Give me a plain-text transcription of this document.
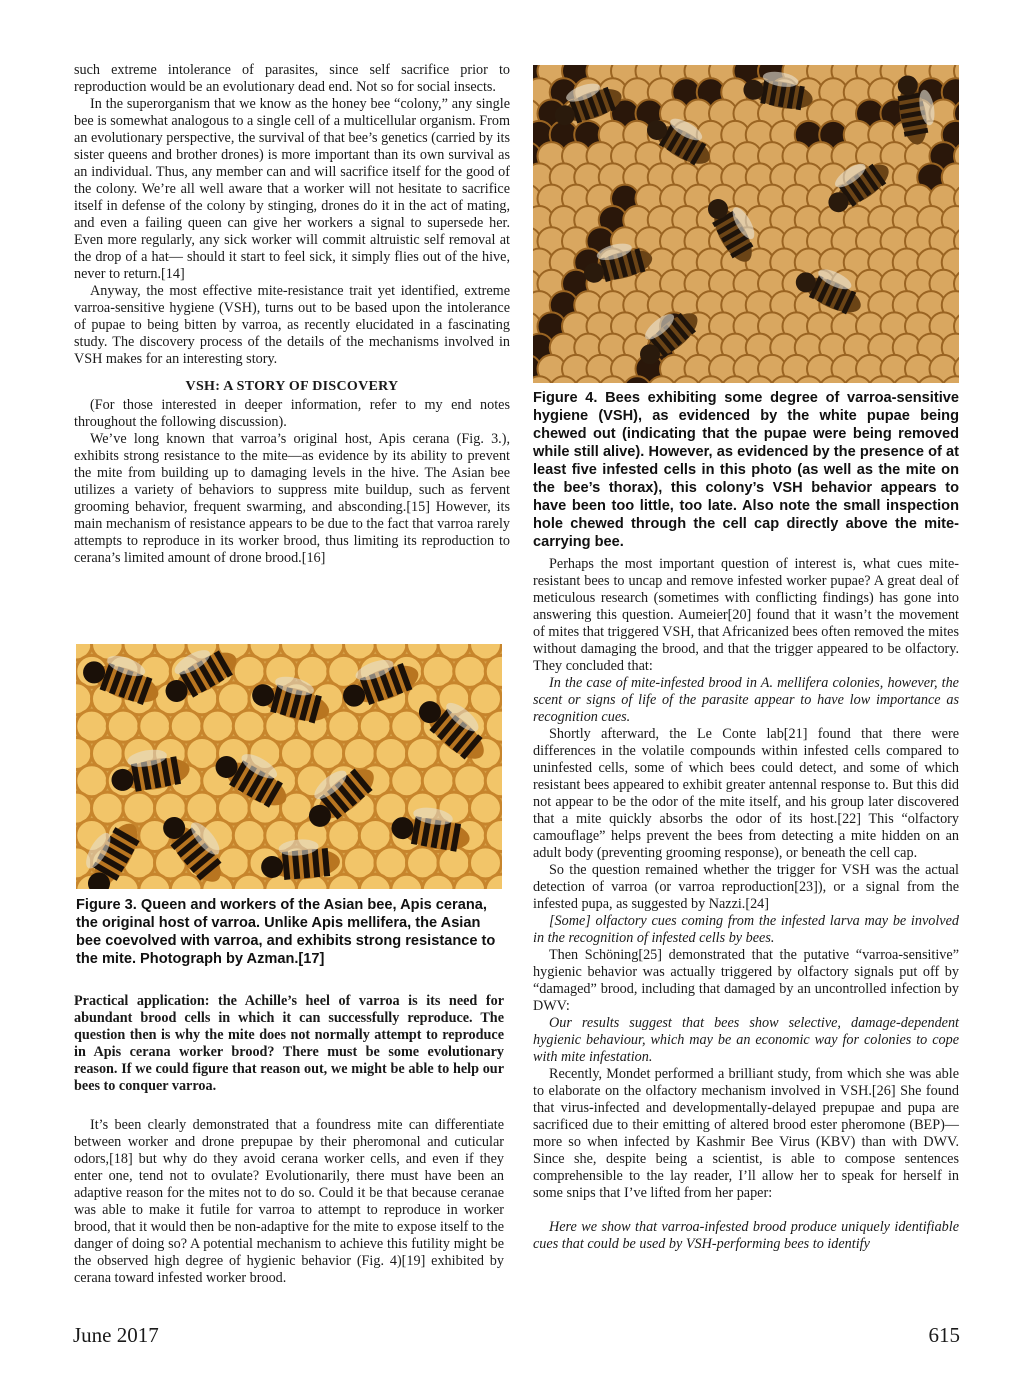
Figure 4. Bees exhibiting some degree of varroa-sensitive hygiene (VSH), as evidenced by the white pupae being chewed out (indicating that the pupae were being removed while still alive). However, as evidenced by the presence of at least five infested cells in this photo (as well as the mite on the bee’s thorax), this colony’s VSH behavior appears to have been too little, too late. Also note the small inspection hole chewed through the cell cap directly above the mite-carrying bee.

such extreme intolerance of parasites, since self sacrifice prior to reproduction would be an evolutionary dead end. Not so for social insects.

In the superorganism that we know as the honey bee “colony,” any single bee is somewhat analogous to a single cell of a multicellular organism. From an evolutionary perspective, the survival of that bee’s genetics (carried by its sister queens and brother drones) is more important than its own survival as an individual. Thus, any member can and will sacrifice itself for the good of the colony. We’re all well aware that a worker will not hesitate to sacrifice itself in defense of the colony by stinging, drones do it in the act of mating, and even a failing queen can give her workers a signal to supersede her. Even more regularly, any sick worker will commit altruistic self removal at the drop of a hat— should it start to feel sick, it simply flies out of the hive, never to return.[14]

Anyway, the most effective mite-resistance trait yet identified, extreme varroa-sensitive hygiene (VSH), turns out to be based upon the intolerance of pupae to being bitten by varroa, as recently elucidated in a fascinating study. The discovery process of the details of the mechanisms involved in VSH makes for an interesting story.

VSH: A STORY OF DISCOVERY

(For those interested in deeper information, refer to my end notes throughout the following discussion).

We’ve long known that varroa’s original host, Apis cerana (Fig. 3.), exhibits strong resistance to the mite—as evidence by its ability to prevent the mite from building up to damaging levels in the hive. The Asian bee utilizes a variety of behaviors to suppress mite buildup, such as fervent grooming behavior, frequent swarming, and absconding.[15] However, its main mechanism of resistance appears to be due to the fact that varroa rarely attempts to reproduce in its worker brood, thus limiting its reproduction to cerana’s limited amount of drone brood.[16]

Figure 3. Queen and workers of the Asian bee, Apis cerana, the original host of varroa. Unlike Apis mellifera, the Asian bee coevolved with varroa, and exhibits strong resistance to the mite. Photograph by Azman.[17]
Practical application: the Achille’s heel of varroa is its need for abundant brood cells in which it can successfully reproduce. The question then is why the mite does not normally attempt to reproduce in Apis cerana worker brood? There must be some evolutionary reason. If we could figure that reason out, we might be able to help our bees to conquer varroa.

It’s been clearly demonstrated that a foundress mite can differentiate between worker and drone prepupae by their pheromonal and cuticular odors,[18] but why do they avoid cerana worker cells, and even if they enter one, tend not to ovulate? Evolutionarily, there must have been an adaptive reason for the mites not to do so. Could it be that because ceranae was able to make it futile for varroa to attempt to reproduce in worker brood, that it would then be non-adaptive for the mite to expose itself to the danger of doing so? A potential mechanism to achieve this futility might be the observed high degree of hygienic behavior (Fig. 4)[19] exhibited by cerana toward infested worker brood.

Perhaps the most important question of interest is, what cues mite-resistant bees to uncap and remove infested worker pupae? A great deal of meticulous research (sometimes with conflicting findings) has gone into answering this question. Aumeier[20] found that it wasn’t the movement of mites that triggered VSH, that Africanized bees often removed the mites without damaging the brood, and that the trigger appeared to be olfactory. They concluded that:

In the case of mite-infested brood in A. mellifera colonies, however, the scent or signs of life of the parasite appear to have low importance as recognition cues.

Shortly afterward, the Le Conte lab[21] found that there were differences in the volatile compounds within infested cells compared to uninfested cells, some of which bees could detect, and some of which resistant bees appeared to exhibit greater antennal response to. But this did not appear to be the odor of the mite itself, and his group later discovered that a mite quickly absorbs the odor of its host.[22] This “olfactory camouflage” helps prevent the bees from detecting a mite hidden on an adult body (preventing grooming response), or beneath the cell cap.

So the question remained whether the trigger for VSH was the actual detection of varroa (or varroa reproduction[23]), or a signal from the infested pupa, as suggested by Nazzi.[24]

[Some] olfactory cues coming from the infested larva may be involved in the recognition of infested cells by bees.

Then Schöning[25] demonstrated that the putative “varroa-sensitive” hygienic behavior was actually triggered by olfactory signals put off by “damaged” brood, including that damaged by an uncontrolled infection by DWV:

Our results suggest that bees show selective, damage-dependent hygienic behaviour, which may be an economic way for colonies to cope with mite infestation.

Recently, Mondet performed a brilliant study, from which she was able to elaborate on the olfactory mechanism involved in VSH.[26] She found that virus-infected and developmentally-delayed prepupae and pupa are sacrificed due to their emitting of altered brood ester pheromone (BEP)—more so when infected by Kashmir Bee Virus (KBV) than with DWV. Since she, despite being a scientist, is able to compose sentences comprehensible to the lay reader, I’ll allow her to speak for herself in some snips that I’ve lifted from her paper:

Here we show that varroa-infested brood produce uniquely identifiable cues that could be used by VSH-performing bees to identify

June 2017	615
